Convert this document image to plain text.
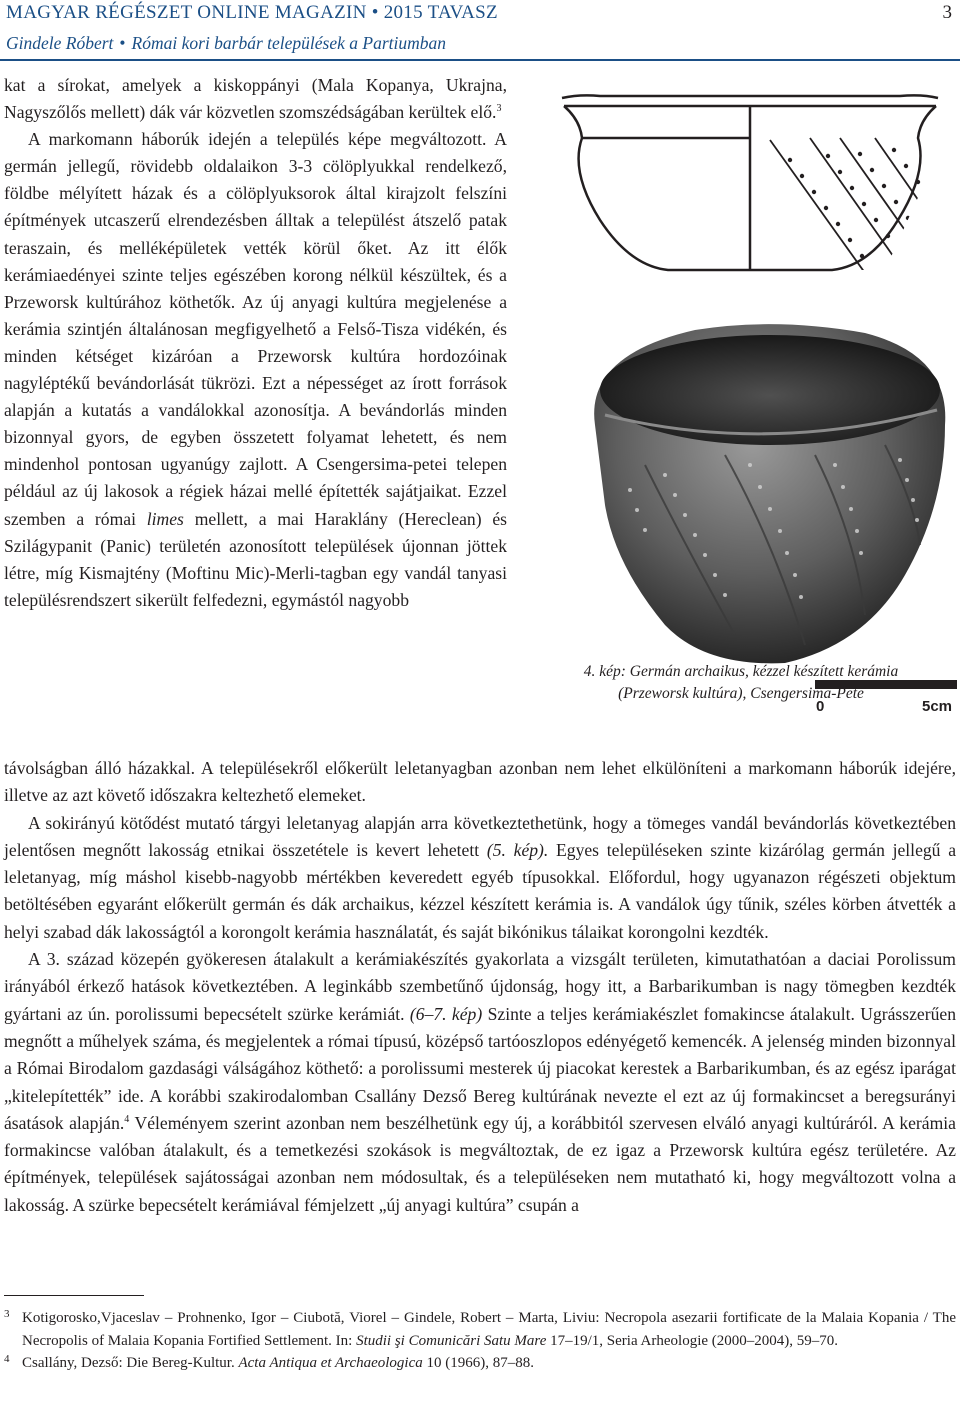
MAGYAR RÉGÉSZET ONLINE MAGAZIN • 2015 TAVASZ	3
Gindele Róbert • Római kori barbár települések a Partiumban

kat a sírokat, amelyek a kiskoppányi (Mala Kopanya, Ukrajna, Nagyszőlős mellett) dák vár közvetlen szomszédságában kerültek elő.$^3$

A markomann háborúk idején a település képe megváltozott. A germán jellegű, rövidebb oldalaikon 3-3 cölöplyukkal rendelkező, földbe mélyített házak és a cölöplyuksorok által kirajzolt felszíni építmények utcaszerű elrendezésben álltak a települést átszelő patak teraszain, és melléképületek vették körül őket. Az itt élők kerámiaedényei szinte teljes egészében korong nélkül készültek, és a Przeworsk kultúrához köthetők. Az új anyagi kultúra megjelenése a kerámia szintjén általánosan megfigyelhető a Felső-Tisza vidékén, és minden kétséget kizáróan a Przeworsk kultúra hordozóinak nagyléptékű bevándorlását tükrözi. Ezt a népességet az írott források alapján a kutatás a vandálokkal azonosítja. A bevándorlás minden bizonnyal gyors, de egyben összetett folyamat lehetett, és nem mindenhol pontosan ugyanúgy zajlott. A Csengersima-petei telepen például az új lakosok a régiek házai mellé építették sajátjaikat. Ezzel szemben a római limes mellett, a mai Haraklány (Hereclean) és Szilágypanit (Panic) területén azonosított települések újonnan jöttek létre, míg Kismajtény (Moftinu Mic)-Merli-tagban egy vandál tanyasi településrendszert sikerült felfedezni, egymástól nagyobb

0	5cm
4. kép: Germán archaikus, kézzel készített kerámia
(Przeworsk kultúra), Csengersima-Pete

távolságban álló házakkal. A településekről előkerült leletanyagban azonban nem lehet elkülöníteni a markomann háborúk idejére, illetve az azt követő időszakra keltezhető elemeket.

A sokirányú kötődést mutató tárgyi leletanyag alapján arra következtethetünk, hogy a tömeges vandál bevándorlás következtében jelentősen megnőtt lakosság etnikai összetétele is kevert lehetett (5. kép). Egyes településeken szinte kizárólag germán jellegű a leletanyag, míg máshol kisebb-nagyobb mértékben keveredett egyéb típusokkal. Előfordul, hogy ugyanazon régészeti objektum betöltésében egyaránt előkerült germán és dák archaikus, kézzel készített kerámia is. A vandálok úgy tűnik, széles körben átvették a helyi szabad dák lakosságtól a korongolt kerámia használatát, és saját bikónikus tálaikat korongolni kezdték.

A 3. század közepén gyökeresen átalakult a kerámiakészítés gyakorlata a vizsgált területen, kimutathatóan a daciai Porolissum irányából érkező hatások következtében. A leginkább szembetűnő újdonság, hogy itt, a Barbarikumban is nagy tömegben kezdték gyártani az ún. porolissumi bepecsételt szürke kerámiát. (6–7. kép) Szinte a teljes kerámiakészlet fomakincse átalakult. Ugrásszerűen megnőtt a műhelyek száma, és megjelentek a római típusú, középső tartóoszlopos edényégető kemencék. A jelenség minden bizonnyal a Római Birodalom gazdasági válságához köthető: a porolissumi mesterek új piacokat kerestek a Barbarikumban, és az egész iparágat „kitelepítették” ide. A korábbi szakirodalomban Csallány Dezső Bereg kultúrának nevezte el ezt az új formakincset a beregsurányi ásatások alapján.$^4$ Véleményem szerint azonban nem beszélhetünk egy új, a korábbitól szervesen elváló anyagi kultúráról. A kerámia formakincse valóban átalakult, és a temetkezési szokások is megváltoztak, de ez igaz a Przeworsk kultúra egész területére. Az építmények, települések sajátosságai azonban nem módosultak, és a településeken nem mutatható ki, hogy megváltozott volna a lakosság. A szürke bepecsételt kerámiával fémjelzett „új anyagi kultúra” csupán a

3 Kotigorosko,Vjaceslav – Prohnenko, Igor – Ciubotă, Viorel – Gindele, Robert – Marta, Liviu: Necropola asezarii fortificate de la Malaia Kopania / The Necropolis of Malaia Kopania Fortified Settlement. In: Studii şi Comunicări Satu Mare 17–19/1, Seria Arheologie (2000–2004), 59–70.
4 Csallány, Dezső: Die Bereg-Kultur. Acta Antiqua et Archaeologica 10 (1966), 87–88.
